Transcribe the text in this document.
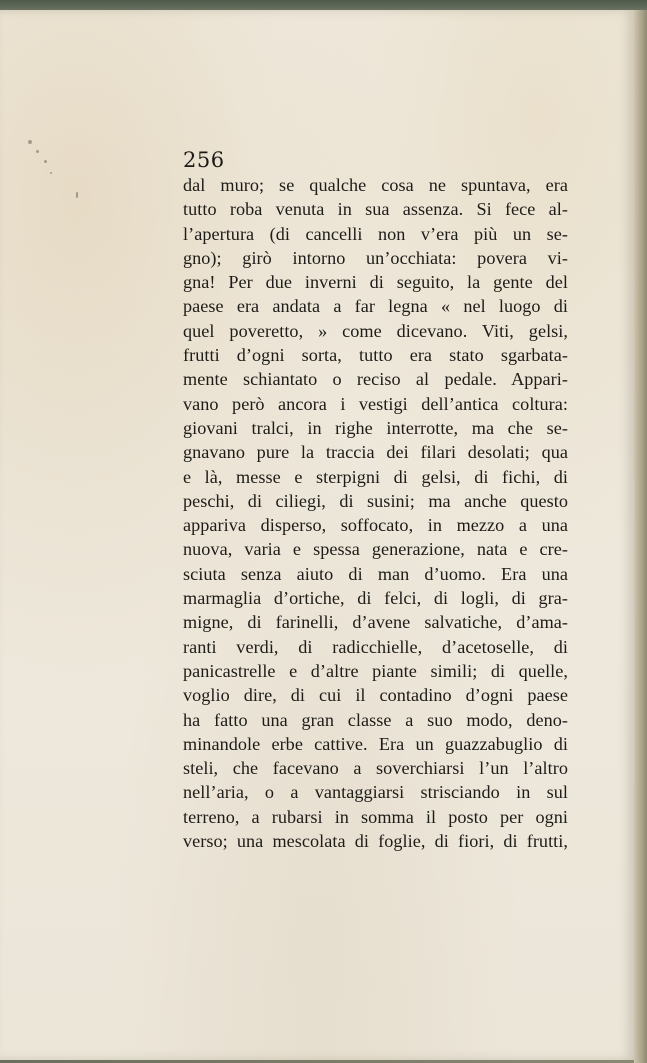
256
dal muro; se qualche cosa ne spuntava, era
tutto roba venuta in sua assenza. Si fece al-
l’apertura (di cancelli non v’era più un se-
gno); girò intorno un’occhiata: povera vi-
gna! Per due inverni di seguito, la gente del
paese era andata a far legna « nel luogo di
quel poveretto, » come dicevano. Viti, gelsi,
frutti d’ogni sorta, tutto era stato sgarbata-
mente schiantato o reciso al pedale. Appari-
vano però ancora i vestigi dell’antica coltura:
giovani tralci, in righe interrotte, ma che se-
gnavano pure la traccia dei filari desolati; qua
e là, messe e sterpigni di gelsi, di fichi, di
peschi, di ciliegi, di susini; ma anche questo
appariva disperso, soffocato, in mezzo a una
nuova, varia e spessa generazione, nata e cre-
sciuta senza aiuto di man d’uomo. Era una
marmaglia d’ortiche, di felci, di logli, di gra-
migne, di farinelli, d’avene salvatiche, d’ama-
ranti verdi, di radicchielle, d’acetoselle, di
panicastrelle e d’altre piante simili; di quelle,
voglio dire, di cui il contadino d’ogni paese
ha fatto una gran classe a suo modo, deno-
minandole erbe cattive. Era un guazzabuglio di
steli, che facevano a soverchiarsi l’un l’altro
nell’aria, o a vantaggiarsi strisciando in sul
terreno, a rubarsi in somma il posto per ogni
verso; una mescolata di foglie, di fiori, di frutti,
